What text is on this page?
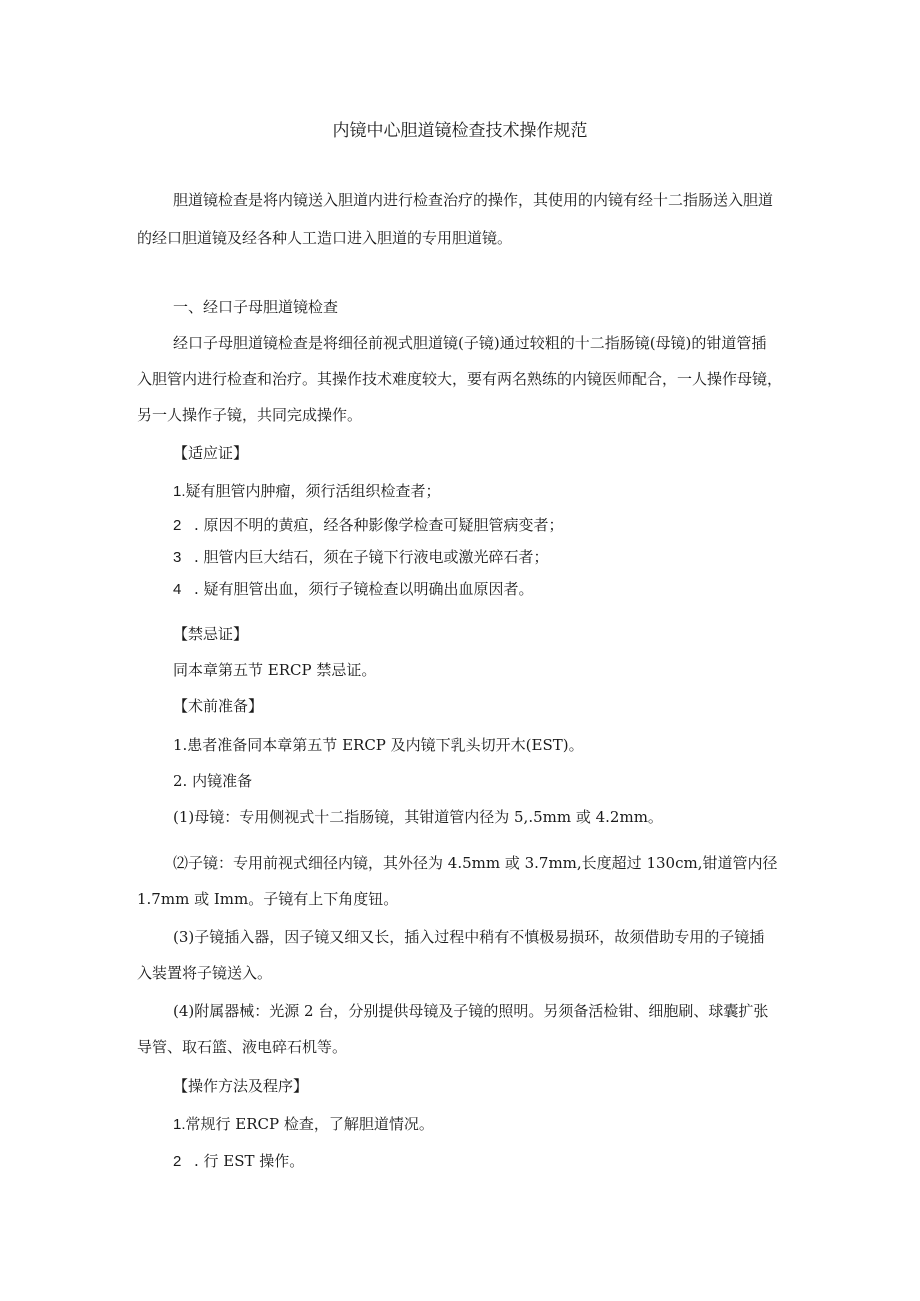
内镜中心胆道镜检查技术操作规范
胆道镜检查是将内镜送入胆道内进行检查治疗的操作，其使用的内镜有经十二指肠送入胆道
的经口胆道镜及经各种人工造口进入胆道的专用胆道镜。
一、经口子母胆道镜检查
经口子母胆道镜检查是将细径前视式胆道镜(子镜)通过较粗的十二指肠镜(母镜)的钳道管插
入胆管内进行检查和治疗。其操作技术难度较大，要有两名熟练的内镜医师配合，一人操作母镜，
另一人操作子镜，共同完成操作。
【适应证】
1.疑有胆管内肿瘤，须行活组织检查者；
2 . 原因不明的黄疸，经各种影像学检查可疑胆管病变者；
3 . 胆管内巨大结石，须在子镜下行液电或激光碎石者；
4 . 疑有胆管出血，须行子镜检查以明确出血原因者。
【禁忌证】
同本章第五节 ERCP 禁忌证。
【术前准备】
1.患者准备同本章第五节 ERCP 及内镜下乳头切开木(EST)。
2. 内镜准备
(1)母镜：专用侧视式十二指肠镜，其钳道管内径为 5,.5mm 或 4.2mm。
⑵子镜：专用前视式细径内镜，其外径为 4.5mm 或 3.7mm,长度超过 130cm,钳道管内径
1.7mm 或 Imm。子镜有上下角度钮。
(3)子镜插入器，因子镜又细又长，插入过程中稍有不慎极易损环，故须借助专用的子镜插
入装置将子镜送入。
(4)附属器械：光源 2 台，分别提供母镜及子镜的照明。另须备活检钳、细胞刷、球囊扩张
导管、取石篮、液电碎石机等。
【操作方法及程序】
1.常规行 ERCP 检查，了解胆道情况。
2 . 行 EST 操作。
